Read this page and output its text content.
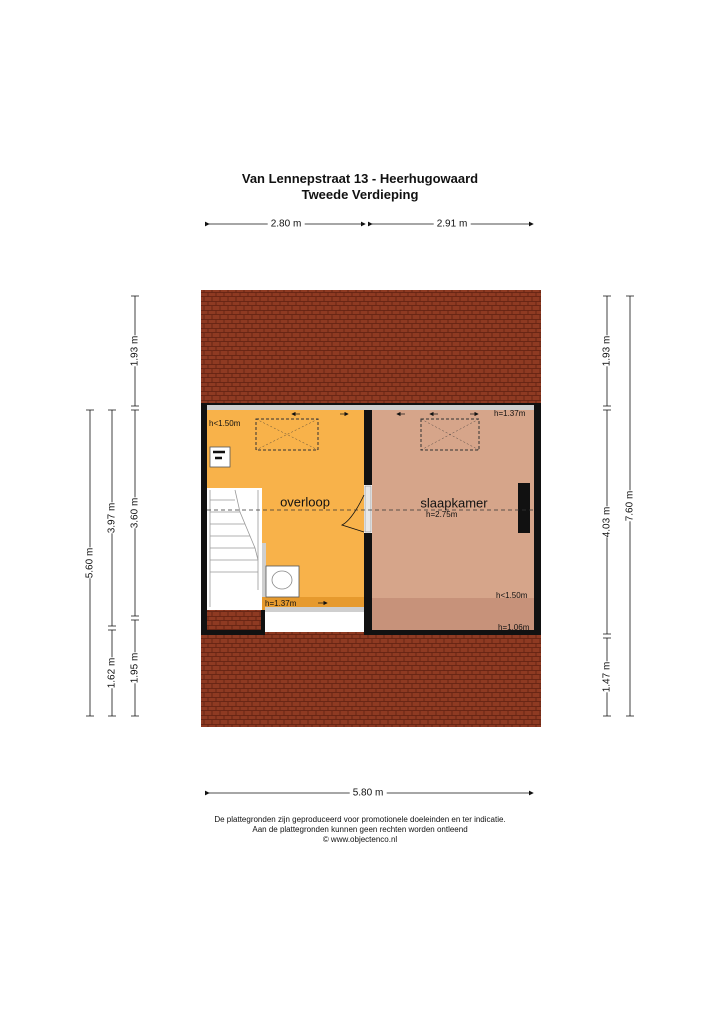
Van Lennepstraat 13 - Heerhugowaard
Tweede Verdieping
2.80 m	2.91 m
5.80 m
1.93 m
3.60 m
1.95 m
3.97 m
1.62 m
5.60 m
1.93 m
4.03 m
1.47 m
7.60 m
overloop	slaapkamer
h=2.75m
h<1.50m
h=1.37m
h=1.37m
h<1.50m
h=1.06m
De plattegronden zijn geproduceerd voor promotionele doeleinden en ter indicatie.
Aan de plattegronden kunnen geen rechten worden ontleend
© www.objectenco.nl
